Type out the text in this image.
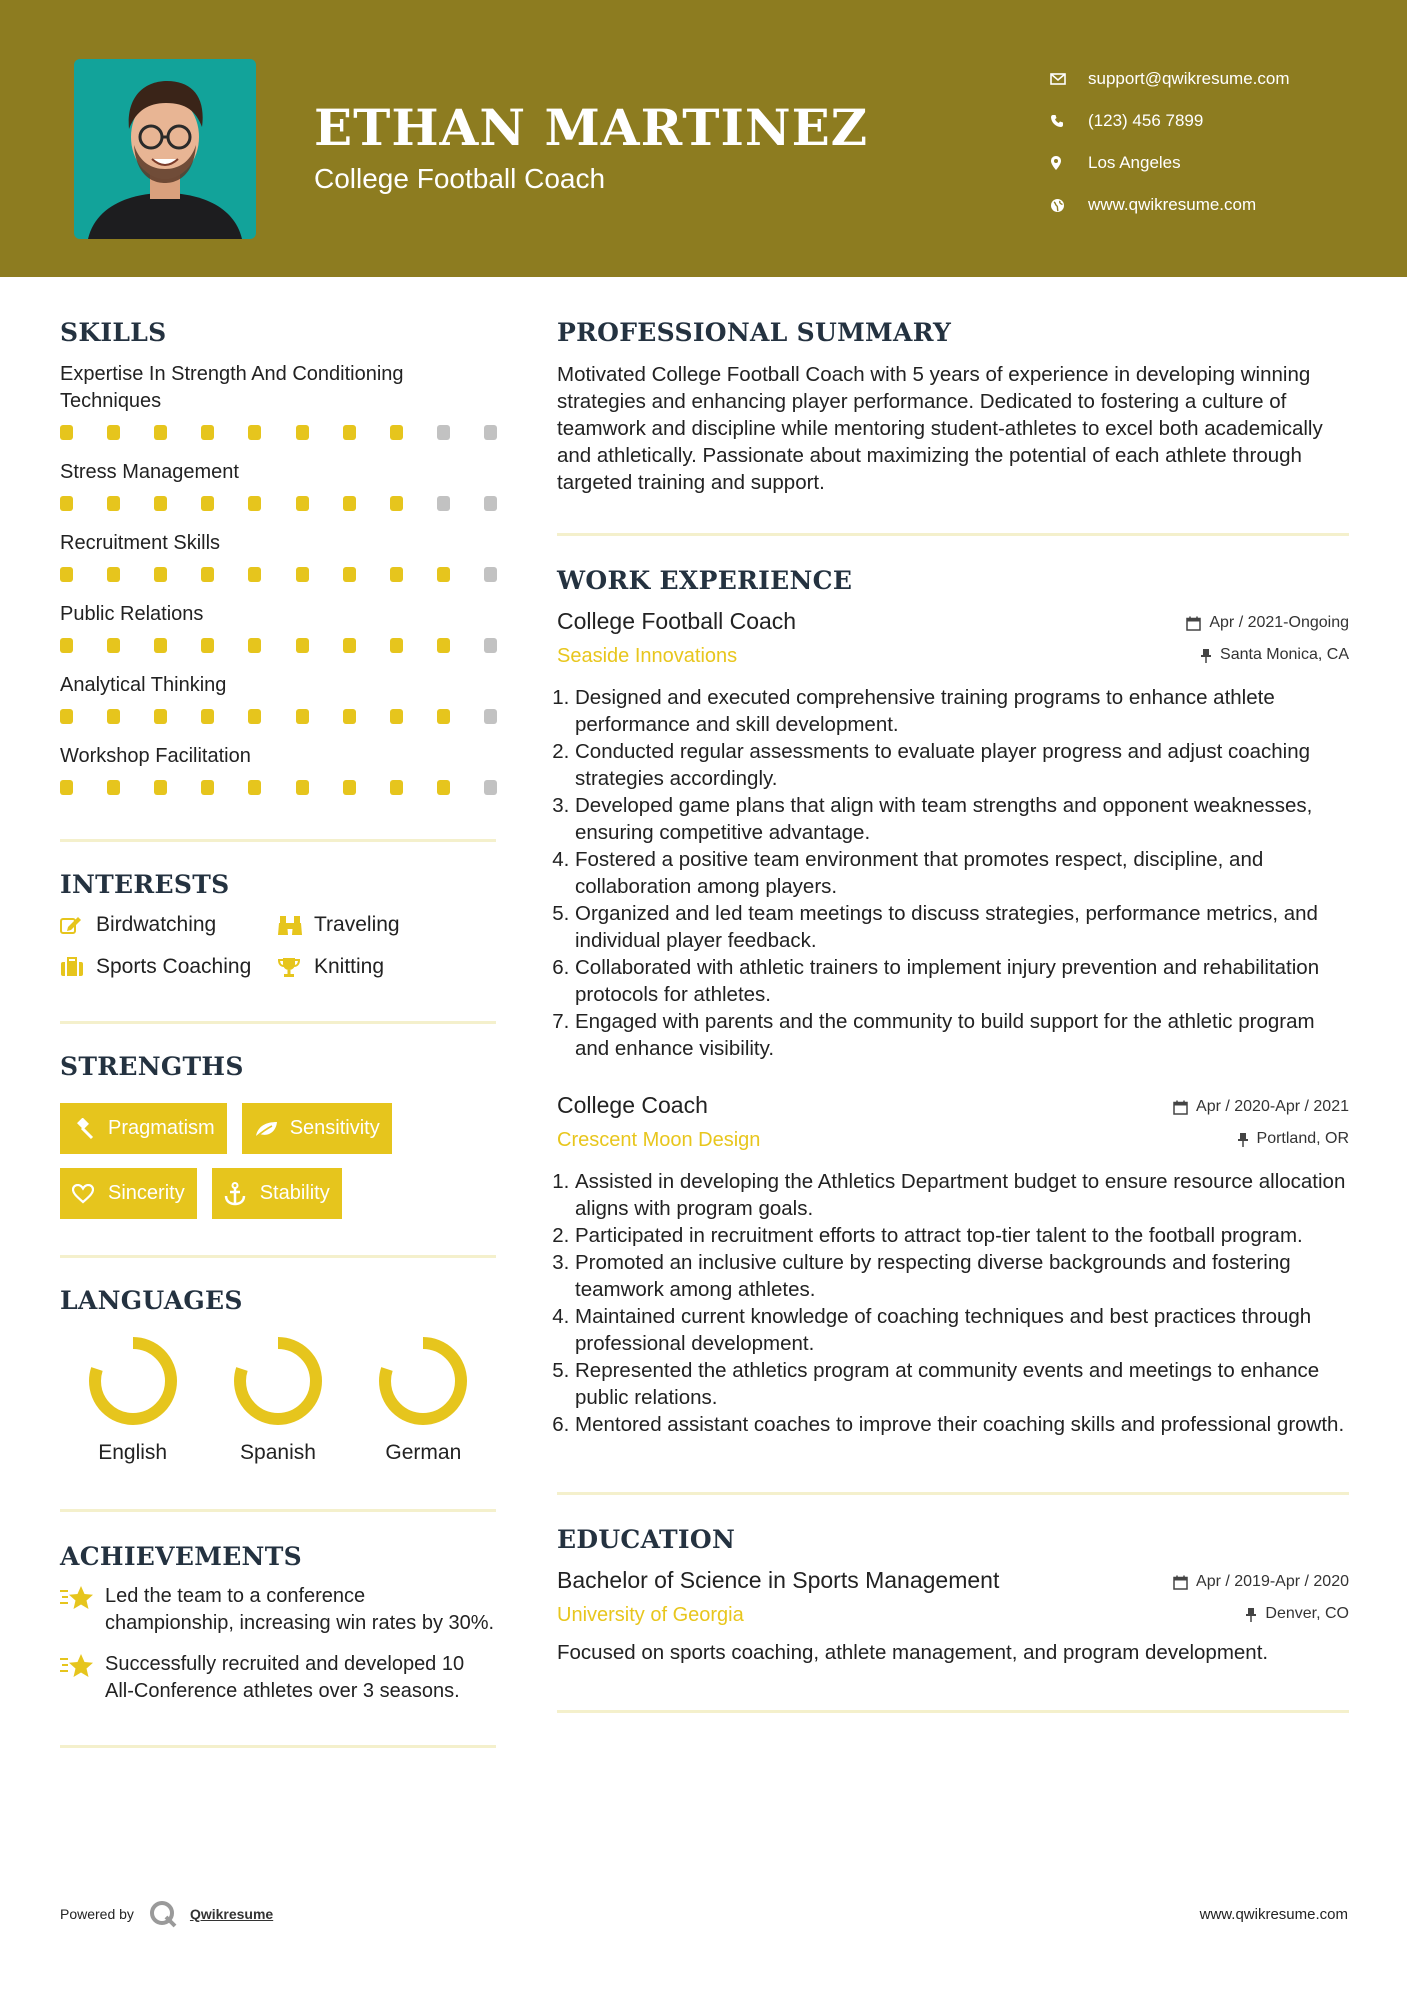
ETHAN MARTINEZ
College Football Coach
support@qwikresume.com
(123) 456 7899
Los Angeles
www.qwikresume.com
SKILLS
Expertise In Strength And Conditioning Techniques
Stress Management
Recruitment Skills
Public Relations
Analytical Thinking
Workshop Facilitation
INTERESTS
Birdwatching	Traveling
Sports Coaching	Knitting
STRENGTHS
Pragmatism	Sensitivity
Sincerity	Stability
LANGUAGES
English	Spanish	German
ACHIEVEMENTS
Led the team to a conference championship, increasing win rates by 30%.
Successfully recruited and developed 10 All-Conference athletes over 3 seasons.
PROFESSIONAL SUMMARY
Motivated College Football Coach with 5 years of experience in developing winning strategies and enhancing player performance. Dedicated to fostering a culture of teamwork and discipline while mentoring student-athletes to excel both academically and athletically. Passionate about maximizing the potential of each athlete through targeted training and support.
WORK EXPERIENCE
College Football Coach
Seaside Innovations
Apr / 2021-Ongoing
Santa Monica, CA
1. Designed and executed comprehensive training programs to enhance athlete performance and skill development.
2. Conducted regular assessments to evaluate player progress and adjust coaching strategies accordingly.
3. Developed game plans that align with team strengths and opponent weaknesses, ensuring competitive advantage.
4. Fostered a positive team environment that promotes respect, discipline, and collaboration among players.
5. Organized and led team meetings to discuss strategies, performance metrics, and individual player feedback.
6. Collaborated with athletic trainers to implement injury prevention and rehabilitation protocols for athletes.
7. Engaged with parents and the community to build support for the athletic program and enhance visibility.
College Coach
Crescent Moon Design
Apr / 2020-Apr / 2021
Portland, OR
1. Assisted in developing the Athletics Department budget to ensure resource allocation aligns with program goals.
2. Participated in recruitment efforts to attract top-tier talent to the football program.
3. Promoted an inclusive culture by respecting diverse backgrounds and fostering teamwork among athletes.
4. Maintained current knowledge of coaching techniques and best practices through professional development.
5. Represented the athletics program at community events and meetings to enhance public relations.
6. Mentored assistant coaches to improve their coaching skills and professional growth.
EDUCATION
Bachelor of Science in Sports Management
University of Georgia
Apr / 2019-Apr / 2020
Denver, CO
Focused on sports coaching, athlete management, and program development.
Powered by	Qwikresume	www.qwikresume.com
